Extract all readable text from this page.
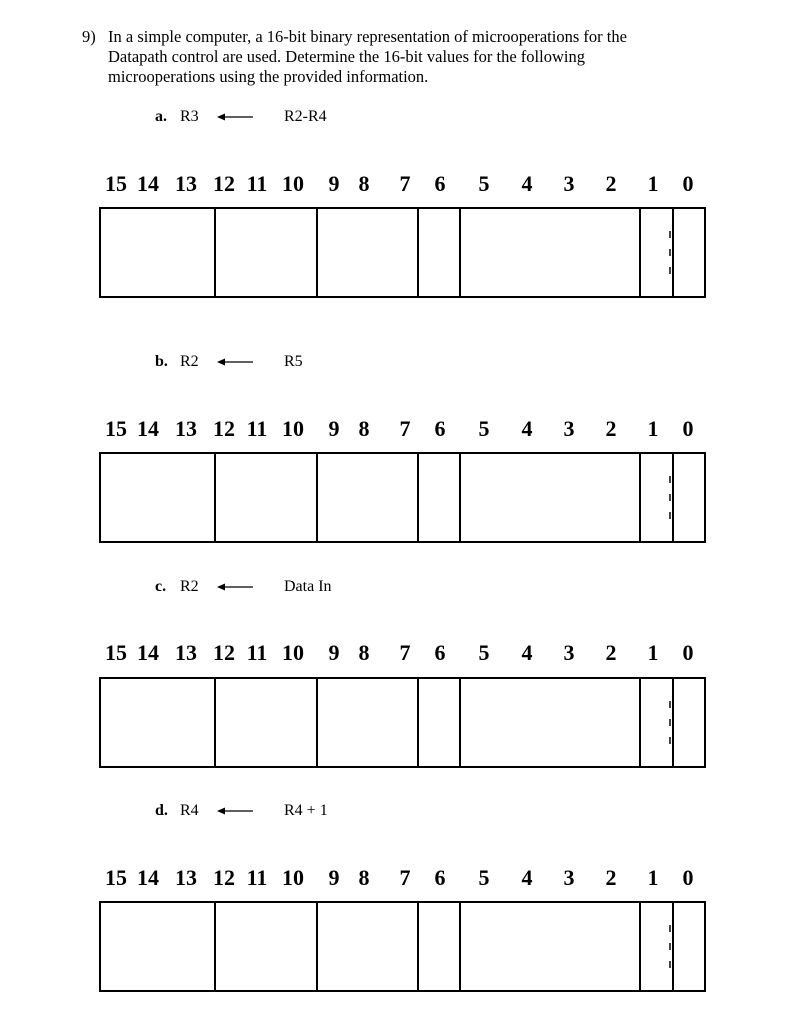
9) In a simple computer, a 16-bit binary representation of microoperations for the
Datapath control are used. Determine the 16-bit values for the following
microoperations using the provided information.
a. R3	R2-R4
15 14 13 12 11 10 9 8 7 6 5 4 3 2 1 0
b. R2	R5
15 14 13 12 11 10 9 8 7 6 5 4 3 2 1 0
c. R2	Data In
15 14 13 12 11 10 9 8 7 6 5 4 3 2 1 0
d. R4	R4 + 1
15 14 13 12 11 10 9 8 7 6 5 4 3 2 1 0
